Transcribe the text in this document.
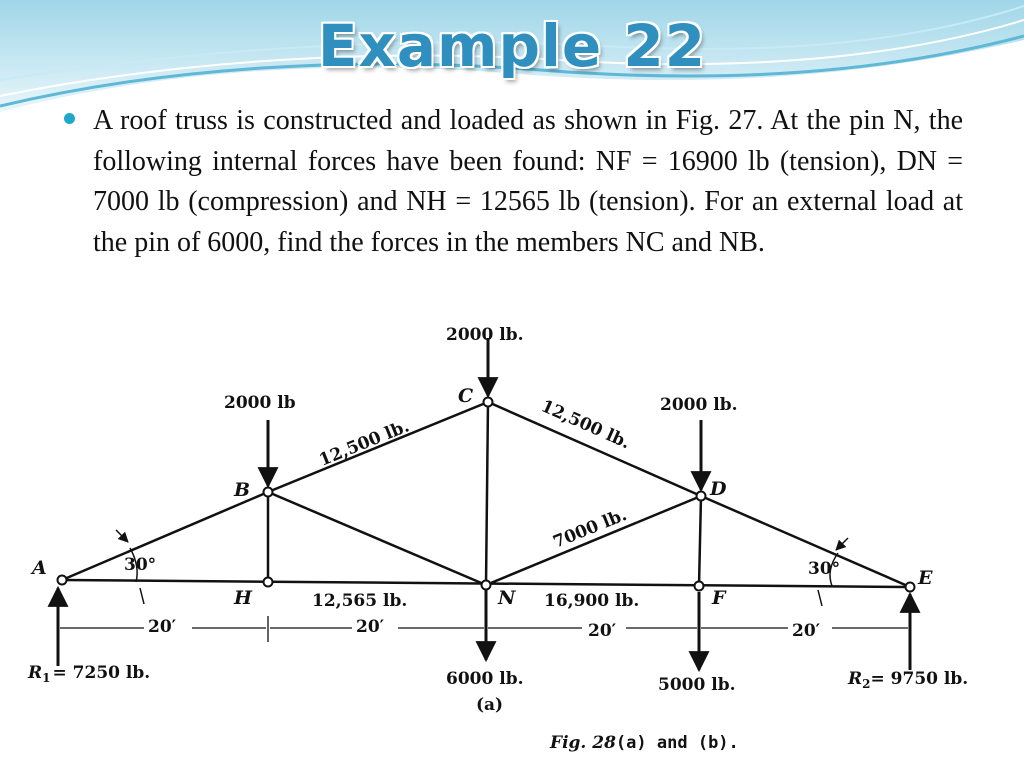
Example 22
A roof truss is constructed and loaded as shown in Fig. 27. At the pin N, the following internal forces have been found: NF = 16900 lb (tension), DN = 7000 lb (compression) and NH = 12565 lb (tension). For an external load at the pin of 6000, find the forces in the members NC and NB.
A
B
C
D
E
H	N	F
2000 lb.
2000 lb	2000 lb.
6000 lb.	5000 lb.
12,500 lb.	12,500 lb.
7000 lb.
12,565 lb.	16,900 lb.
30°	30°
20′	20′	20′	20′
$R_1 = 7250$ lb.	$R_2= 9750$ lb.
(a)
Fig. 28(a) and (b).
